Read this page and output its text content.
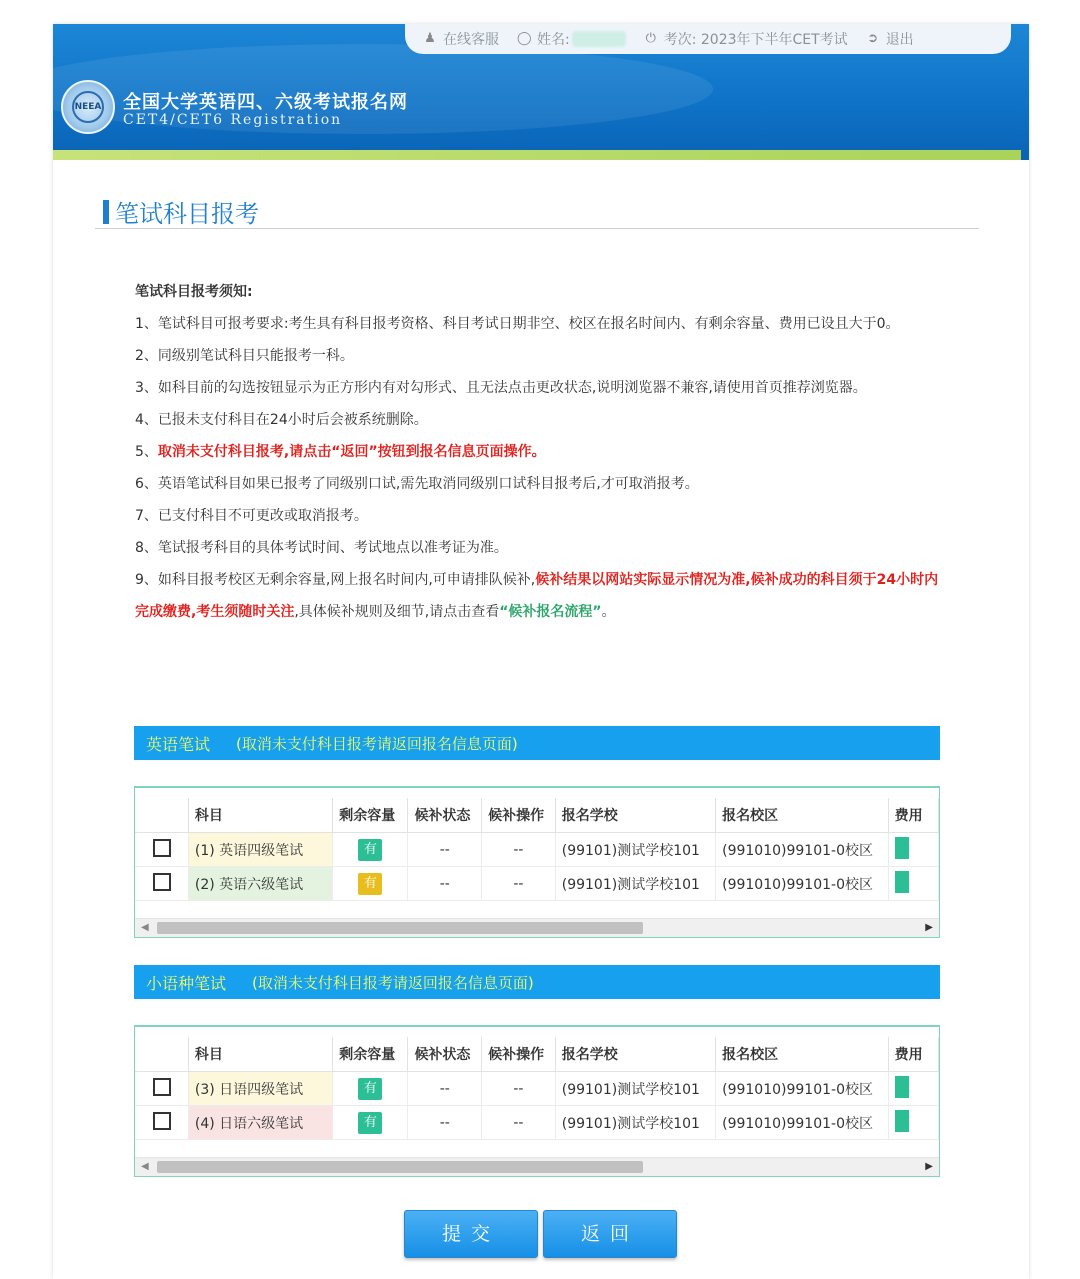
♟ 在线客服 ◯ 姓名:	⏻ 考次: 2023年下半年CET考试 ➲ 退出
NEEA 全国大学英语四、六级考试报名网
CET4/CET6 Registration
笔试科目报考
笔试科目报考须知:
1、笔试科目可报考要求:考生具有科目报考资格、科目考试日期非空、校区在报名时间内、有剩余容量、费用已设且大于0。
2、同级别笔试科目只能报考一科。
3、如科目前的勾选按钮显示为正方形内有对勾形式、且无法点击更改状态,说明浏览器不兼容,请使用首页推荐浏览器。
4、已报未支付科目在24小时后会被系统删除。
5、取消未支付科目报考,请点击“返回”按钮到报名信息页面操作。
6、英语笔试科目如果已报考了同级别口试,需先取消同级别口试科目报考后,才可取消报考。
7、已支付科目不可更改或取消报考。
8、笔试报考科目的具体考试时间、考试地点以准考证为准。
9、如科目报考校区无剩余容量,网上报名时间内,可申请排队候补,候补结果以网站实际显示情况为准,候补成功的科目须于24小时内完成缴费,考生须随时关注,具体候补规则及细节,请点击查看“候补报名流程”。
英语笔试 (取消未支付科目报考请返回报名信息页面)
	科目	剩余容量	候补状态	候补操作	报名学校	报名校区	费用
	(1) 英语四级笔试	有	--	--	(99101)测试学校101	(991010)99101-0校区	
	(2) 英语六级笔试	有	--	--	(99101)测试学校101	(991010)99101-0校区	
◀	▶
小语种笔试 (取消未支付科目报考请返回报名信息页面)
	科目	剩余容量	候补状态	候补操作	报名学校	报名校区	费用
	(3) 日语四级笔试	有	--	--	(99101)测试学校101	(991010)99101-0校区	
	(4) 日语六级笔试	有	--	--	(99101)测试学校101	(991010)99101-0校区	
◀	▶
提交	返回
